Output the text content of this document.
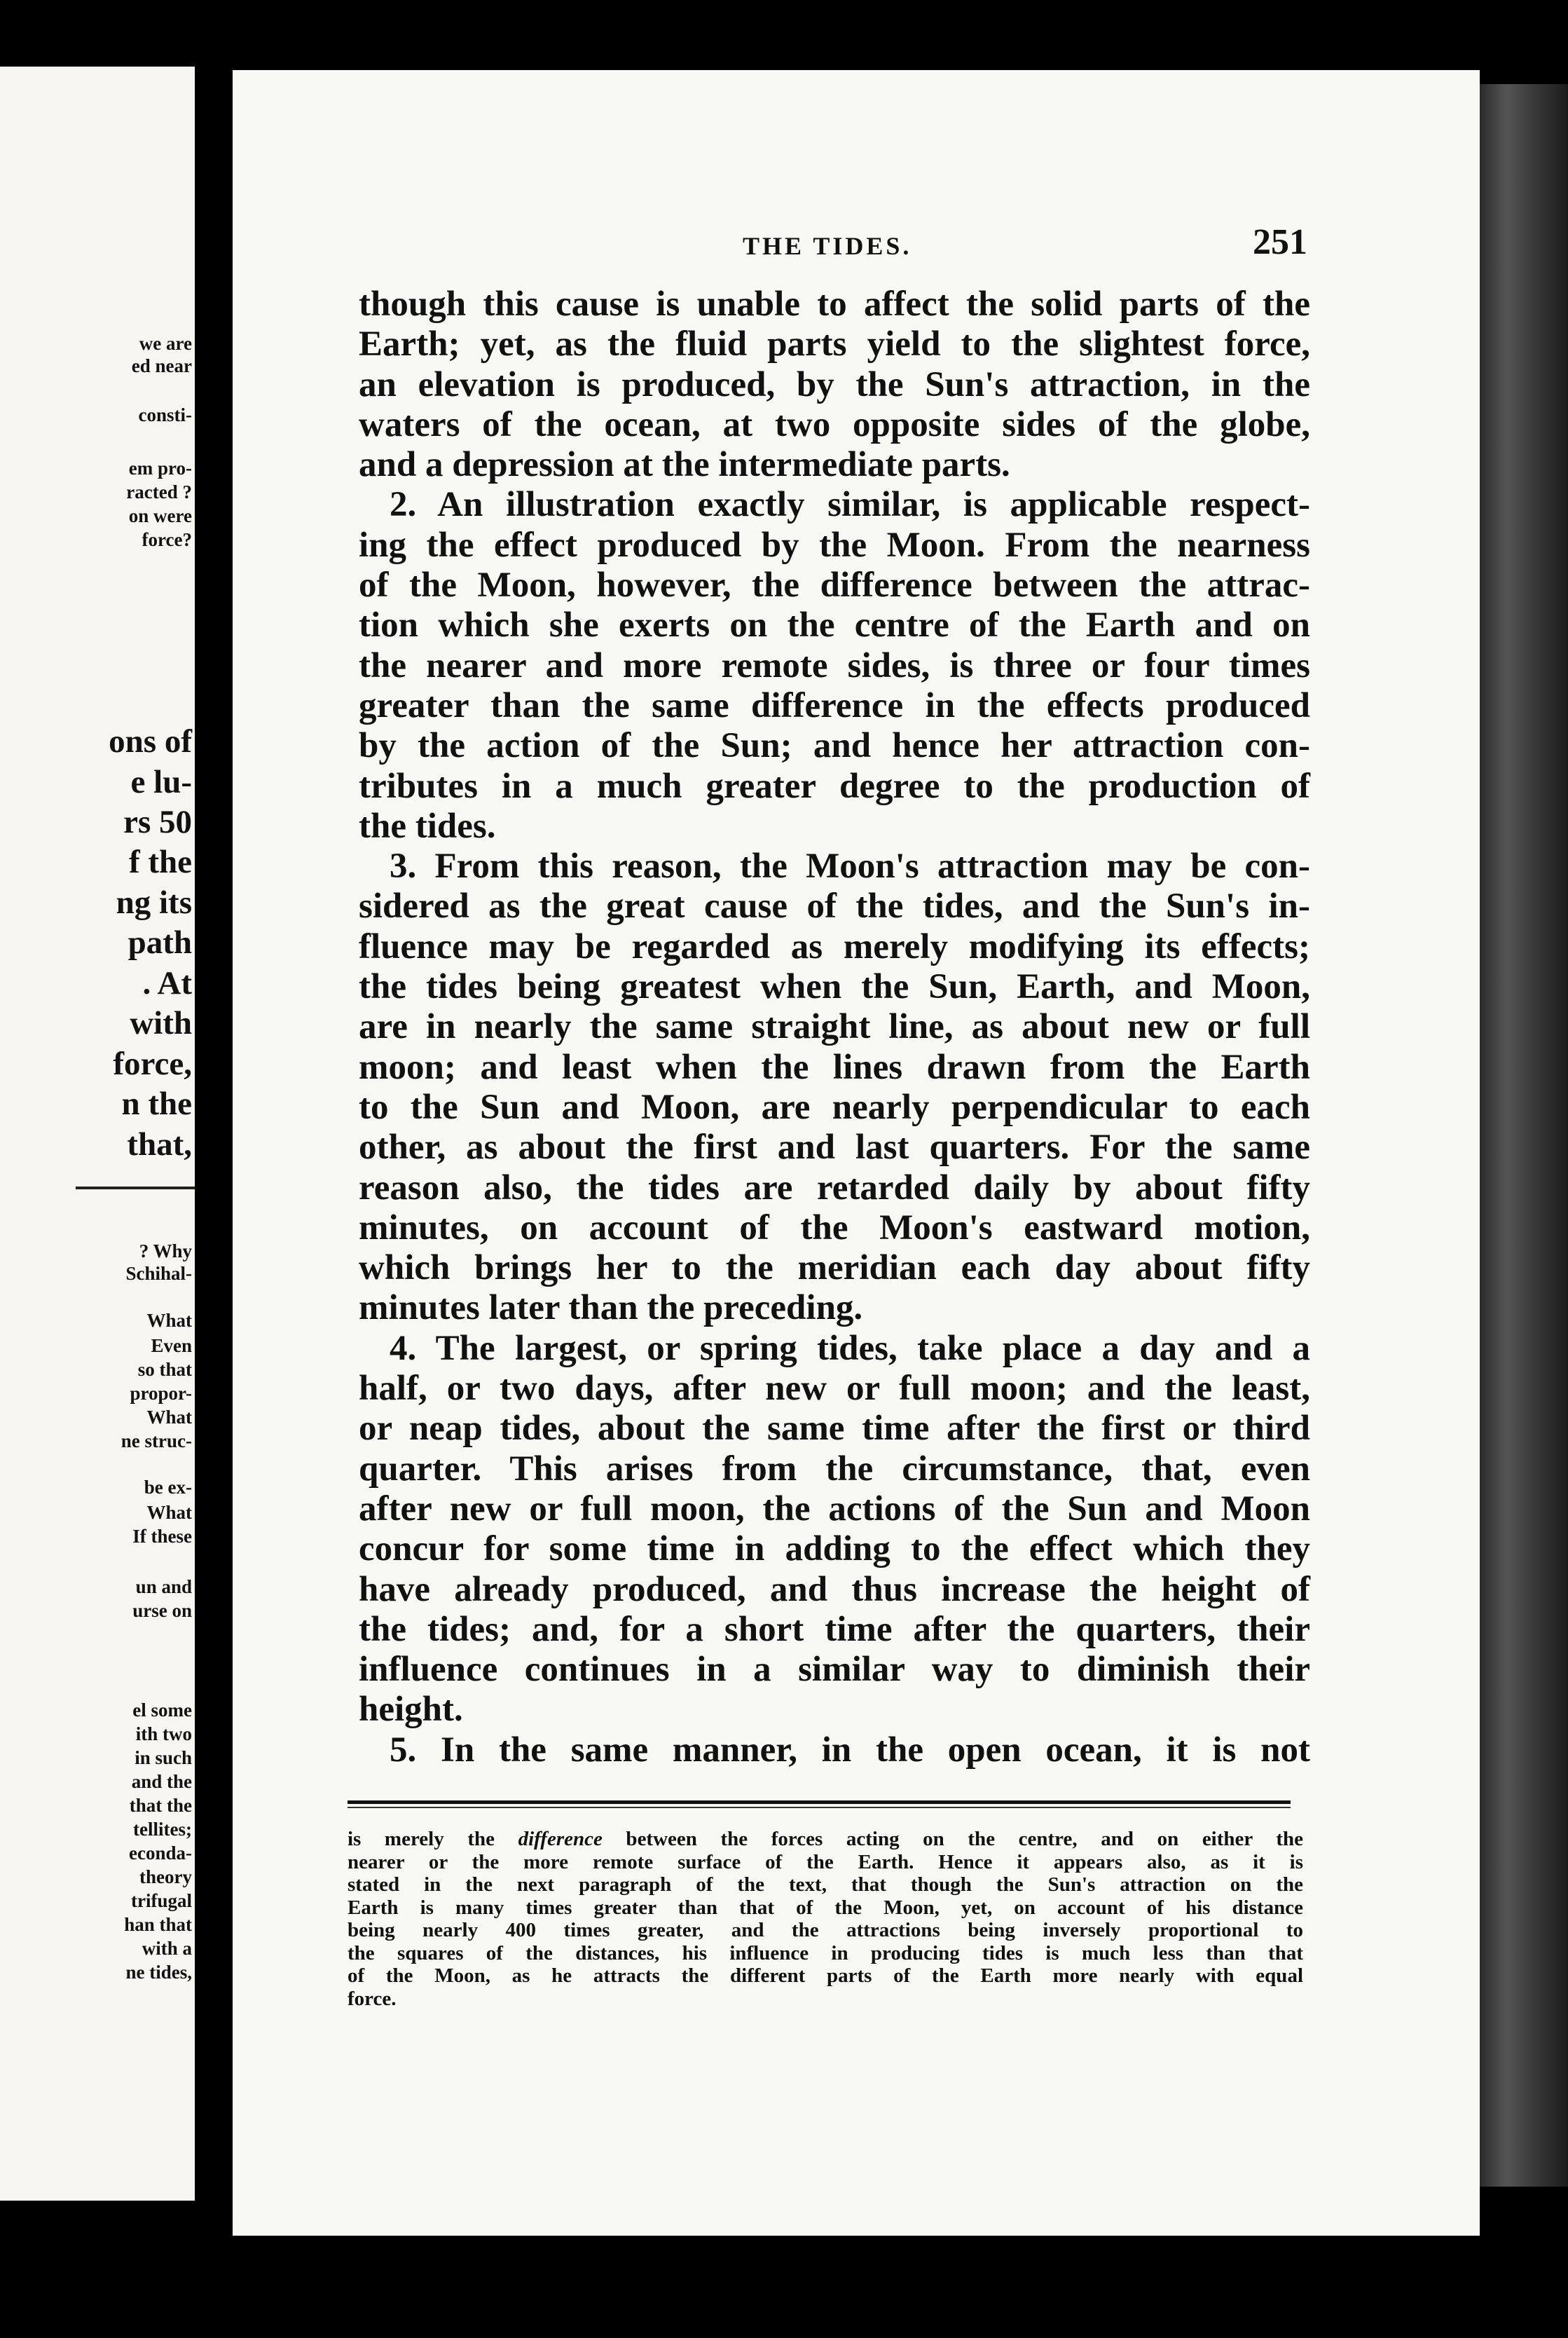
we are
ed near
consti-
em pro-
racted ?
on were
force?
ons of
e lu-
rs 50
f the
ng its
path
. At
with
force,
n the
that,
? Why
Schihal-
What
Even
so that
propor-
What
ne struc-
be ex-
What
If these
un and
urse on
el some
ith two
in such
and the
that the
tellites;
econda-
theory
trifugal
han that
with a
ne tides,
THE TIDES.	251
though this cause is unable to affect the solid parts of the
Earth; yet, as the fluid parts yield to the slightest force,
an elevation is produced, by the Sun's attraction, in the
waters of the ocean, at two opposite sides of the globe,
and a depression at the intermediate parts.
2. An illustration exactly similar, is applicable respect-
ing the effect produced by the Moon. From the nearness
of the Moon, however, the difference between the attrac-
tion which she exerts on the centre of the Earth and on
the nearer and more remote sides, is three or four times
greater than the same difference in the effects produced
by the action of the Sun; and hence her attraction con-
tributes in a much greater degree to the production of
the tides.
3. From this reason, the Moon's attraction may be con-
sidered as the great cause of the tides, and the Sun's in-
fluence may be regarded as merely modifying its effects;
the tides being greatest when the Sun, Earth, and Moon,
are in nearly the same straight line, as about new or full
moon; and least when the lines drawn from the Earth
to the Sun and Moon, are nearly perpendicular to each
other, as about the first and last quarters. For the same
reason also, the tides are retarded daily by about fifty
minutes, on account of the Moon's eastward motion,
which brings her to the meridian each day about fifty
minutes later than the preceding.
4. The largest, or spring tides, take place a day and a
half, or two days, after new or full moon; and the least,
or neap tides, about the same time after the first or third
quarter. This arises from the circumstance, that, even
after new or full moon, the actions of the Sun and Moon
concur for some time in adding to the effect which they
have already produced, and thus increase the height of
the tides; and, for a short time after the quarters, their
influence continues in a similar way to diminish their
height.
5. In the same manner, in the open ocean, it is not
is merely the difference between the forces acting on the centre, and on either the
nearer or the more remote surface of the Earth. Hence it appears also, as it is
stated in the next paragraph of the text, that though the Sun's attraction on the
Earth is many times greater than that of the Moon, yet, on account of his distance
being nearly 400 times greater, and the attractions being inversely proportional to
the squares of the distances, his influence in producing tides is much less than that
of the Moon, as he attracts the different parts of the Earth more nearly with equal
force.
